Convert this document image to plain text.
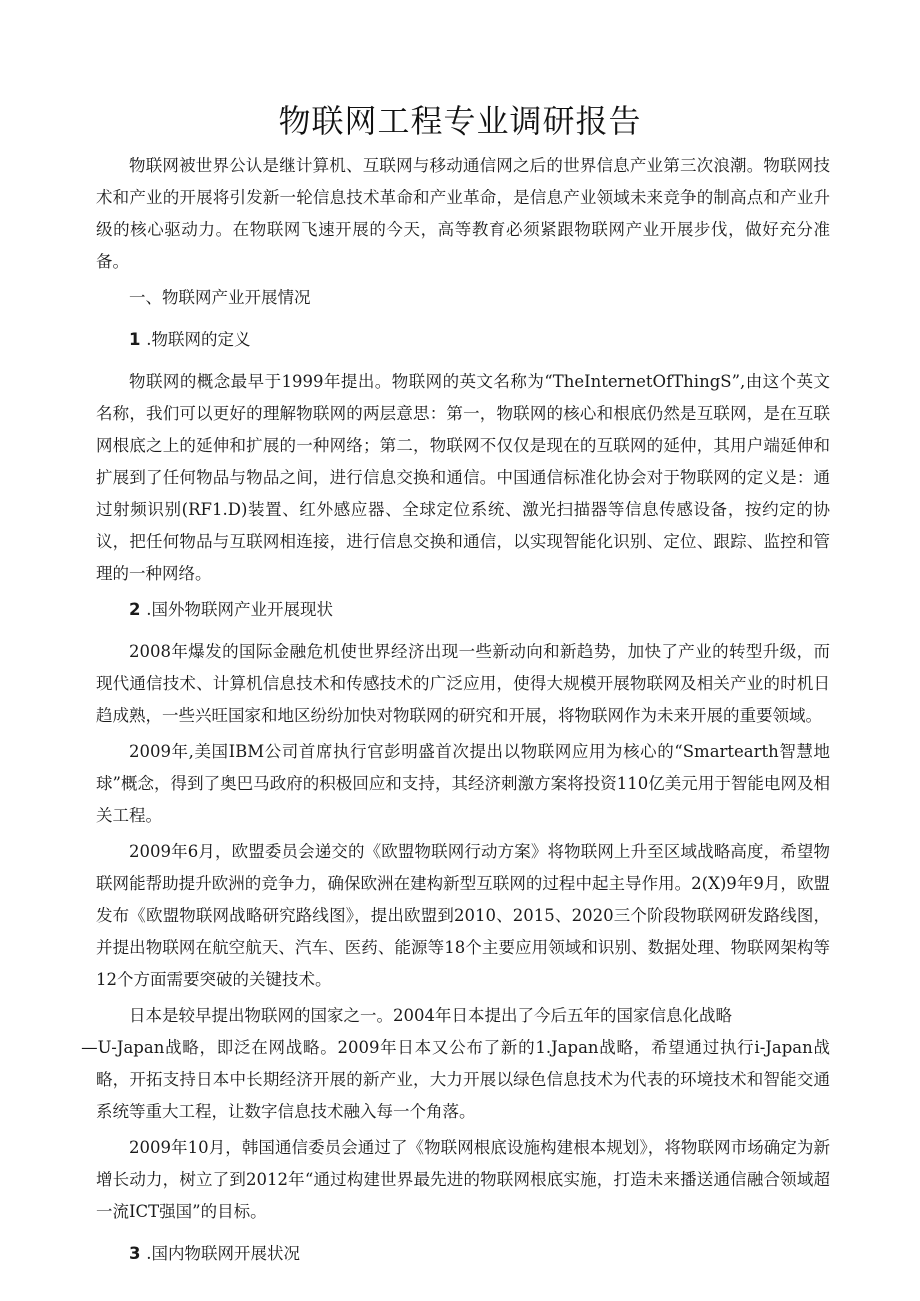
物联网工程专业调研报告

物联网被世界公认是继计算机、互联网与移动通信网之后的世界信息产业第三次浪潮。物联网技术和产业的开展将引发新一轮信息技术革命和产业革命，是信息产业领域未来竞争的制高点和产业升级的核心驱动力。在物联网飞速开展的今天，高等教育必须紧跟物联网产业开展步伐，做好充分准备。

一、物联网产业开展情况

1 .物联网的定义

物联网的概念最早于1999年提出。物联网的英文名称为“TheInternetOfThingS”,由这个英文名称，我们可以更好的理解物联网的两层意思：第一，物联网的核心和根底仍然是互联网，是在互联网根底之上的延伸和扩展的一种网络；第二，物联网不仅仅是现在的互联网的延仲，其用户端延伸和扩展到了任何物品与物品之间，进行信息交换和通信。中国通信标准化协会对于物联网的定义是：通过射频识别(RF1.D)装置、红外感应器、全球定位系统、激光扫描器等信息传感设备，按约定的协议，把任何物品与互联网相连接，进行信息交换和通信，以实现智能化识别、定位、跟踪、监控和管理的一种网络。

2 .国外物联网产业开展现状

2008年爆发的国际金融危机使世界经济出现一些新动向和新趋势，加快了产业的转型升级，而现代通信技术、计算机信息技术和传感技术的广泛应用，使得大规模开展物联网及相关产业的时机日趋成熟，一些兴旺国家和地区纷纷加快对物联网的研究和开展，将物联网作为未来开展的重要领域。

2009年,美国IBM公司首席执行官彭明盛首次提出以物联网应用为核心的“Smartearth智慧地球”概念，得到了奥巴马政府的积极回应和支持，其经济刺激方案将投资110亿美元用于智能电网及相关工程。

2009年6月，欧盟委员会递交的《欧盟物联网行动方案》将物联网上升至区域战略高度，希望物联网能帮助提升欧洲的竞争力，确保欧洲在建构新型互联网的过程中起主导作用。2(X)9年9月，欧盟发布《欧盟物联网战略研究路线图》，提出欧盟到2010、2015、2020三个阶段物联网研发路线图，并提出物联网在航空航天、汽车、医药、能源等18个主要应用领域和识别、数据处理、物联网架构等12个方面需要突破的关键技术。

日本是较早提出物联网的国家之一。2004年日本提出了今后五年的国家信息化战略

—U-Japan战略，即泛在网战略。2009年日本又公布了新的1.Japan战略，希望通过执行i-Japan战略，开拓支持日本中长期经济开展的新产业，大力开展以绿色信息技术为代表的环境技术和智能交通系统等重大工程，让数字信息技术融入每一个角落。

2009年10月，韩国通信委员会通过了《物联网根底设施构建根本规划》，将物联网市场确定为新增长动力，树立了到2012年“通过构建世界最先进的物联网根底实施，打造未来播送通信融合领域超一流ICT强国”的目标。

3 .国内物联网开展状况
